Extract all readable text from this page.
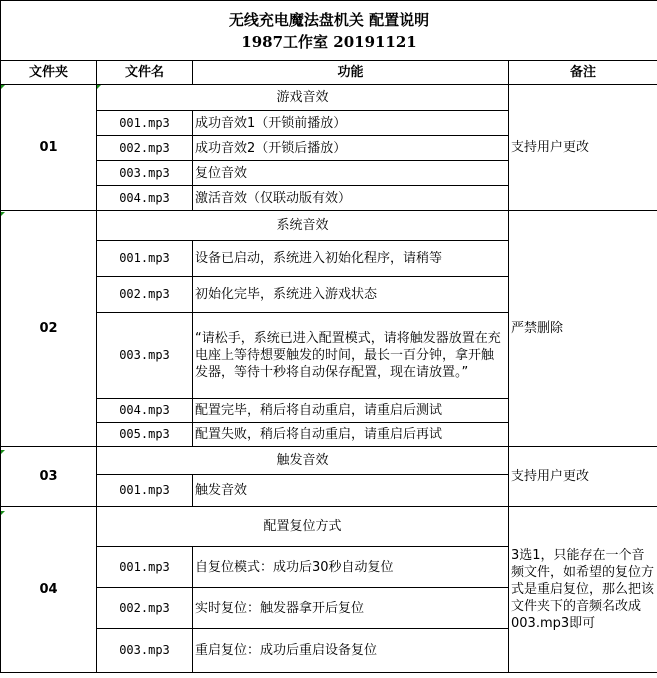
无线充电魔法盘机关 配置说明
1987工作室 20191121			

文件夹	文件名	功能	备注
01	游戏音效		支持用户更改
	001.mp3	成功音效1（开锁前播放）	
	002.mp3	成功音效2（开锁后播放）	
	003.mp3	复位音效	
	004.mp3	激活音效（仅联动版有效）	
02	系统音效		严禁删除
	001.mp3	设备已启动，系统进入初始化程序，请稍等	
	002.mp3	初始化完毕，系统进入游戏状态	
	003.mp3	“请松手，系统已进入配置模式，请将触发器放置在充电座上等待想要触发的时间，最长一百分钟，拿开触发器，等待十秒将自动保存配置，现在请放置。”	
	004.mp3	配置完毕，稍后将自动重启，请重启后测试	
	005.mp3	配置失败，稍后将自动重启，请重启后再试	
03	触发音效		支持用户更改
	001.mp3	触发音效	
04	配置复位方式		3选1，只能存在一个音频文件，如希望的复位方式是重启复位，那么把该文件夹下的音频名改成003.mp3即可
	001.mp3	自复位模式：成功后30秒自动复位	
	002.mp3	实时复位：触发器拿开后复位	
	003.mp3	重启复位：成功后重启设备复位	
